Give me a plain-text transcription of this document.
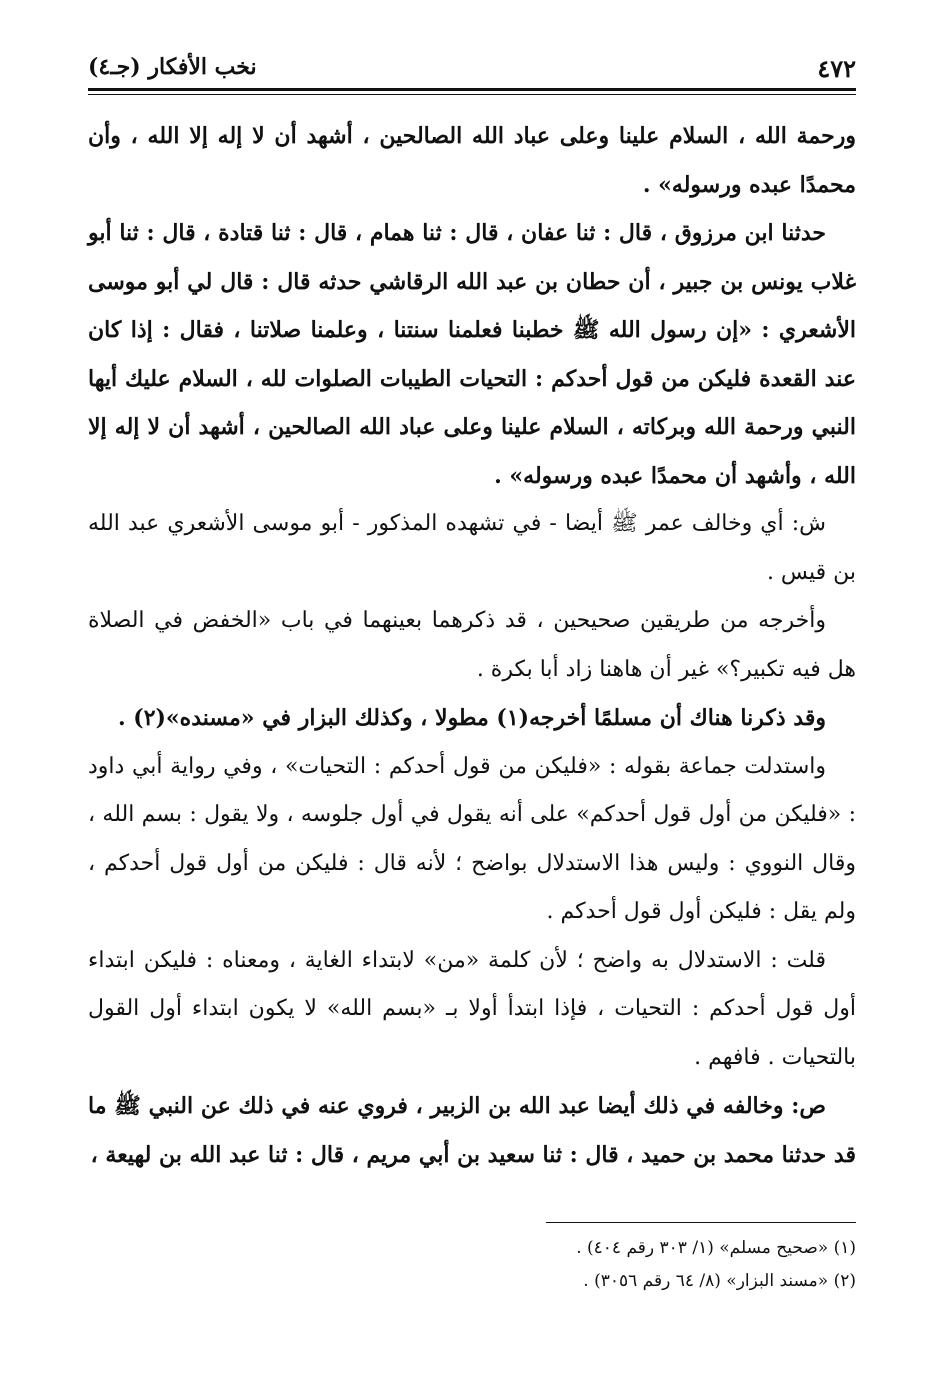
٤٧٢
نخب الأفكار (جـ٤)

ورحمة الله ، السلام علينا وعلى عباد الله الصالحين ، أشهد أن لا إله إلا الله ، وأن محمدًا عبده ورسوله» .

حدثنا ابن مرزوق ، قال : ثنا عفان ، قال : ثنا همام ، قال : ثنا قتادة ، قال : ثنا أبو غلاب يونس بن جبير ، أن حطان بن عبد الله الرقاشي حدثه قال : قال لي أبو موسى الأشعري : «إن رسول الله ﷺ خطبنا فعلمنا سنتنا ، وعلمنا صلاتنا ، فقال : إذا كان عند القعدة فليكن من قول أحدكم : التحيات الطيبات الصلوات لله ، السلام عليك أيها النبي ورحمة الله وبركاته ، السلام علينا وعلى عباد الله الصالحين ، أشهد أن لا إله إلا الله ، وأشهد أن محمدًا عبده ورسوله» .

ش: أي وخالف عمر ﷺ أيضا - في تشهده المذكور - أبو موسى الأشعري عبد الله بن قيس .

وأخرجه من طريقين صحيحين ، قد ذكرهما بعينهما في باب «الخفض في الصلاة هل فيه تكبير؟» غير أن هاهنا زاد أبا بكرة .

وقد ذكرنا هناك أن مسلمًا أخرجه(١) مطولا ، وكذلك البزار في «مسنده»(٢) .

واستدلت جماعة بقوله : «فليكن من قول أحدكم : التحيات» ، وفي رواية أبي داود : «فليكن من أول قول أحدكم» على أنه يقول في أول جلوسه ، ولا يقول : بسم الله ، وقال النووي : وليس هذا الاستدلال بواضح ؛ لأنه قال : فليكن من أول قول أحدكم ، ولم يقل : فليكن أول قول أحدكم .

قلت : الاستدلال به واضح ؛ لأن كلمة «من» لابتداء الغاية ، ومعناه : فليكن ابتداء أول قول أحدكم : التحيات ، فإذا ابتدأ أولا بـ «بسم الله» لا يكون ابتداء أول القول بالتحيات . فافهم .

ص: وخالفه في ذلك أيضا عبد الله بن الزبير ، فروي عنه في ذلك عن النبي ﷺ ما قد حدثنا محمد بن حميد ، قال : ثنا سعيد بن أبي مريم ، قال : ثنا عبد الله بن لهيعة ،

(١) «صحيح مسلم» (١/ ٣٠٣ رقم ٤٠٤) .

(٢) «مسند البزار» (٨/ ٦٤ رقم ٣٠٥٦) .
